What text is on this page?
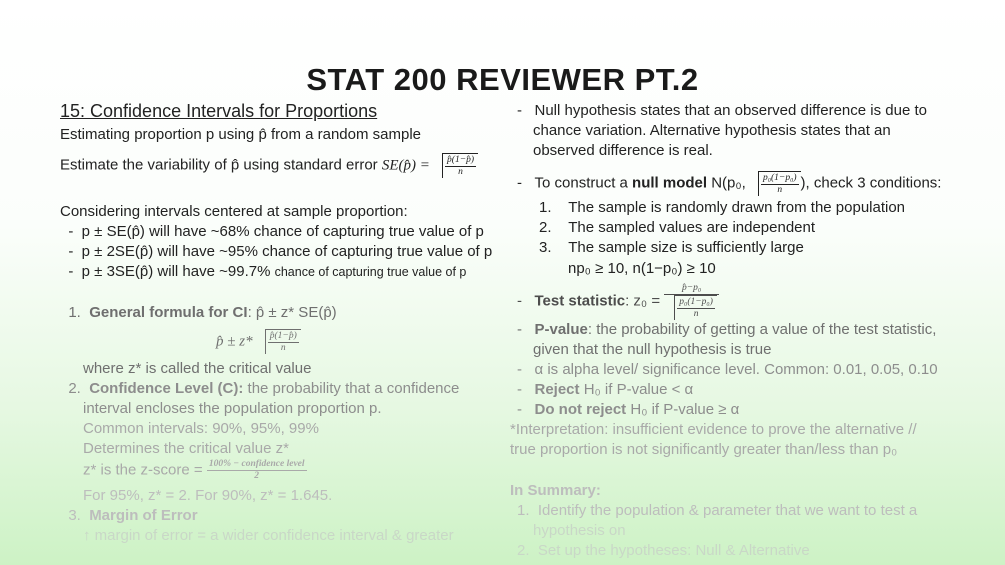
STAT 200 REVIEWER PT.2
15: Confidence Intervals for Proportions
Estimating proportion p using p̂ from a random sample
Estimate the variability of p̂ using standard error SE(p̂) = $\frac{p̂(1-p̂)}{n}$
Considering intervals centered at sample proportion:
-  p ± SE(p̂) will have ~68% chance of capturing true value of p
-  p ± 2SE(p̂) will have ~95% chance of capturing true value of p
-  p ± 3SE(p̂) will have ~99.7% chance of capturing true value of p
1.  General formula for CI: p̂ ± z* SE(p̂)
p̂ ± $z* \frac{p̂(1-p̂)}{n}$
where z* is called the critical value
2.  Confidence Level (C): the probability that a confidence
interval encloses the population proportion p.
Common intervals: 90%, 95%, 99%
Determines the critical value z*
z* is the z-score = $\frac{\text{100\% − confidence level}}{2}$
For 95%, z* = 2. For 90%, z* = 1.645.
3.  Margin of Error
↑ margin of error = a wider confidence interval & greater
-   Null hypothesis states that an observed difference is due to
chance variation. Alternative hypothesis states that an
observed difference is real.
-   To construct a null model N(p₀, $\frac{\text{p₀(1−p₀)}}{n}$ ), check 3 conditions:
1.    The sample is randomly drawn from the population
2.    The sampled values are independent
3.    The sample size is sufficiently large
np₀ ≥ 10, n(1−p₀) ≥ 10
-   Test statistic: $z_0 = \frac{\text{p̂−p₀}}{\frac{\text{p₀(1−p₀)}}{n}}$
-   P-value: the probability of getting a value of the test statistic,
given that the null hypothesis is true
-   α is alpha level/ significance level. Common: 0.01, 0.05, 0.10
-   Reject H₀ if P-value < α
-   Do not reject H₀ if P-value ≥ α
*Interpretation: insufficient evidence to prove the alternative //
true proportion is not significantly greater than/less than p₀
In Summary:
1.  Identify the population & parameter that we want to test a
hypothesis on
2.  Set up the hypotheses: Null & Alternative
